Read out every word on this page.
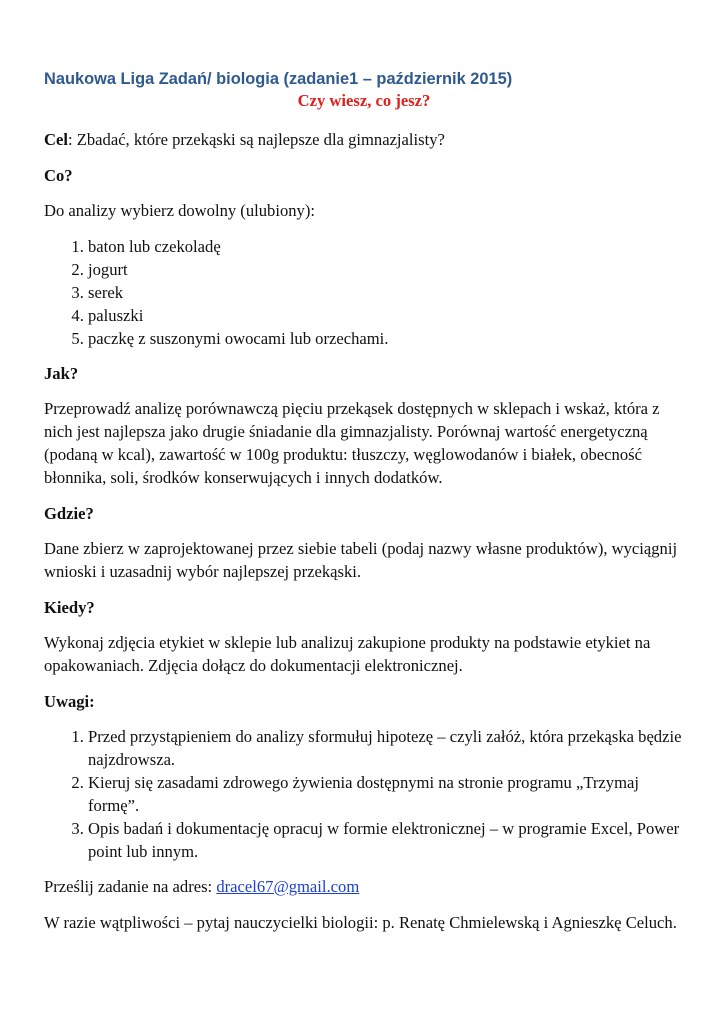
Naukowa Liga Zadań/ biologia (zadanie1 – październik 2015)

Czy wiesz, co jesz?

Cel: Zbadać, które przekąski są najlepsze dla gimnazjalisty?

Co?

Do analizy wybierz dowolny (ulubiony):

1. baton lub czekoladę
2. jogurt
3. serek
4. paluszki
5. paczkę z suszonymi owocami lub orzechami.

Jak?

Przeprowadź analizę porównawczą pięciu przekąsek dostępnych w sklepach i wskaż, która z nich jest najlepsza jako drugie śniadanie dla gimnazjalisty. Porównaj wartość energetyczną (podaną w kcal), zawartość w 100g produktu: tłuszczy, węglowodanów i białek, obecność błonnika, soli, środków konserwujących i innych dodatków.

Gdzie?

Dane zbierz w zaprojektowanej przez siebie tabeli (podaj nazwy własne produktów), wyciągnij wnioski i uzasadnij wybór najlepszej przekąski.

Kiedy?

Wykonaj zdjęcia etykiet w sklepie lub analizuj zakupione produkty na podstawie etykiet na opakowaniach. Zdjęcia dołącz do dokumentacji elektronicznej.

Uwagi:

1. Przed przystąpieniem do analizy sformułuj hipotezę – czyli załóż, która przekąska będzie najzdrowsza.
2. Kieruj się zasadami zdrowego żywienia dostępnymi na stronie programu „Trzymaj formę”.
3. Opis badań i dokumentację opracuj w formie elektronicznej – w programie Excel, Power point lub innym.

Prześlij zadanie na adres: dracel67@gmail.com

W razie wątpliwości – pytaj nauczycielki biologii: p. Renatę Chmielewską i Agnieszkę Celuch.
